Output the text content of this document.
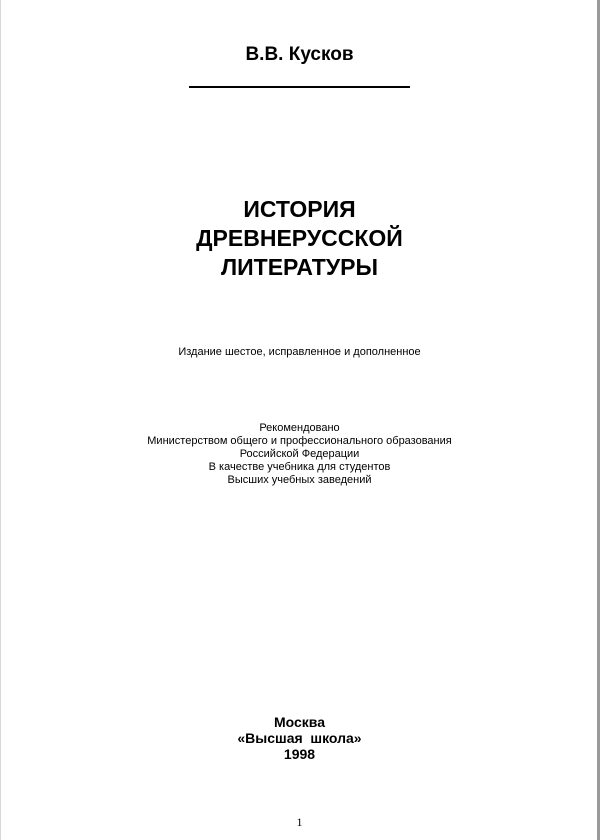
В.В. Кусков
ИСТОРИЯ
ДРЕВНЕРУССКОЙ
ЛИТЕРАТУРЫ
Издание шестое, исправленное и дополненное
Рекомендовано
Министерством общего и профессионального образования
Российской Федерации
В качестве учебника для студентов
Высших учебных заведений
Москва
«Высшая  школа»
1998
1
